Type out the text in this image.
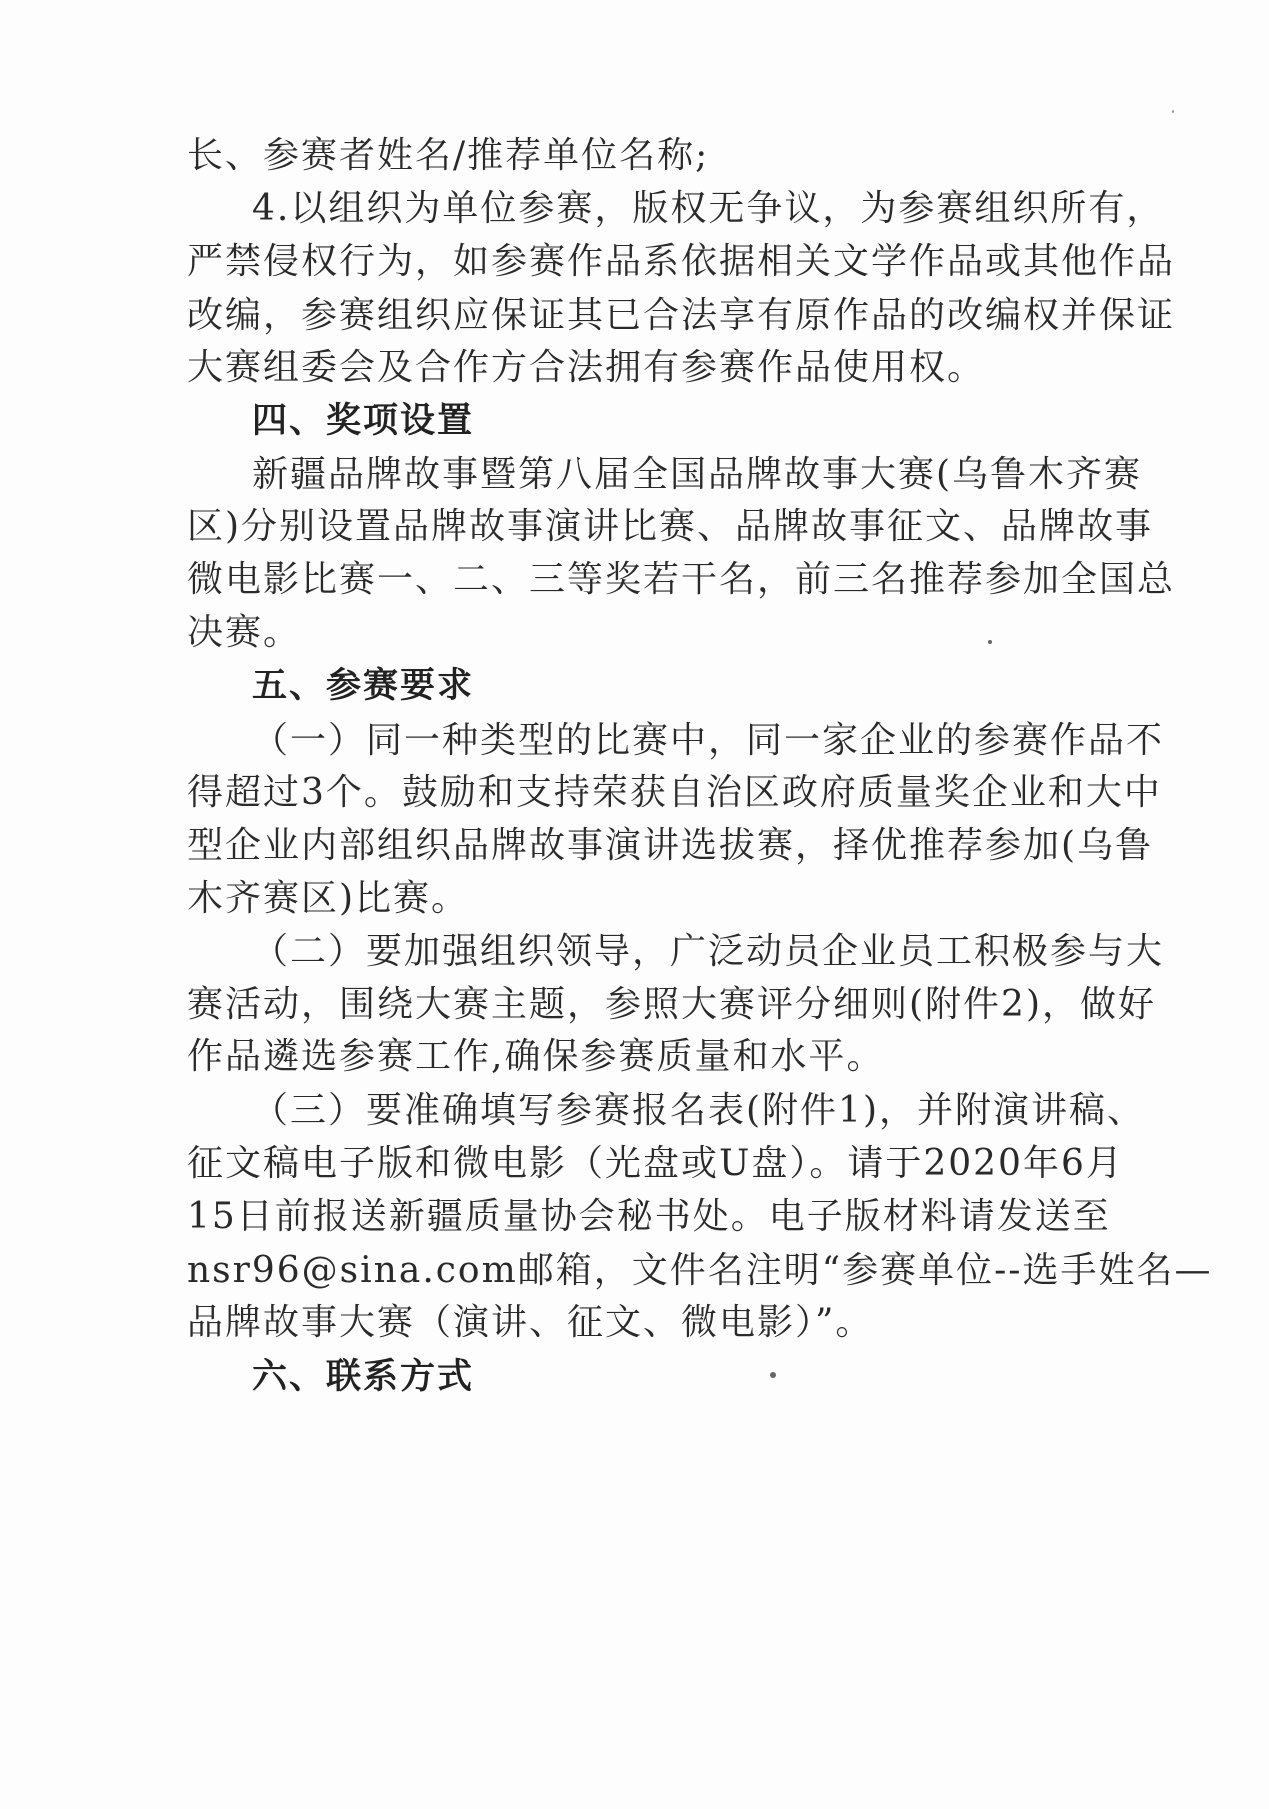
长、参赛者姓名/推荐单位名称;
4.以组织为单位参赛，版权无争议，为参赛组织所有，
严禁侵权行为，如参赛作品系依据相关文学作品或其他作品
改编，参赛组织应保证其已合法享有原作品的改编权并保证
大赛组委会及合作方合法拥有参赛作品使用权。
四、奖项设置
新疆品牌故事暨第八届全国品牌故事大赛(乌鲁木齐赛
区)分别设置品牌故事演讲比赛、品牌故事征文、品牌故事
微电影比赛一、二、三等奖若干名，前三名推荐参加全国总
决赛。
五、参赛要求
（一）同一种类型的比赛中，同一家企业的参赛作品不
得超过3个。鼓励和支持荣获自治区政府质量奖企业和大中
型企业内部组织品牌故事演讲选拔赛，择优推荐参加(乌鲁
木齐赛区)比赛。
（二）要加强组织领导，广泛动员企业员工积极参与大
赛活动，围绕大赛主题，参照大赛评分细则(附件2)，做好
作品遴选参赛工作,确保参赛质量和水平。
（三）要准确填写参赛报名表(附件1)，并附演讲稿、
征文稿电子版和微电影（光盘或U盘）。请于2020年6月
15日前报送新疆质量协会秘书处。电子版材料请发送至
nsr96@sina.com邮箱，文件名注明“参赛单位--选手姓名—
品牌故事大赛（演讲、征文、微电影）”。
六、联系方式
